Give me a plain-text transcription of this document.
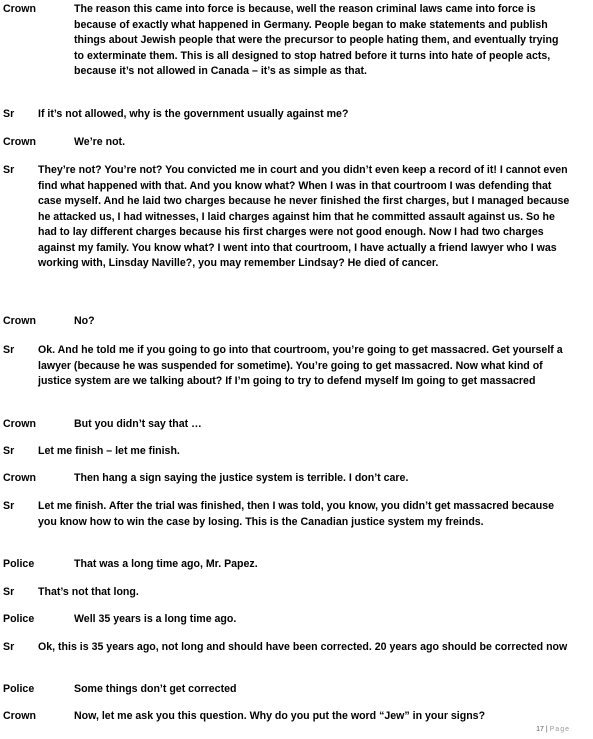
Crown	The reason this came into force is because, well the reason criminal laws came into force is because of exactly what happened in Germany. People began to make statements and publish things about Jewish people that were the precursor to people hating them, and eventually trying to exterminate them. This is all designed to stop hatred before it turns into hate of people acts, because it’s not allowed in Canada – it’s as simple as that.
Sr If it’s not allowed, why is the government usually against me?
Crown	We’re not.
Sr They’re not? You’re not? You convicted me in court and you didn’t even keep a record of it! I cannot even find what happened with that. And you know what? When I was in that courtroom I was defending that case myself. And he laid two charges because he never finished the first charges, but I managed because he attacked us, I had witnesses, I laid charges against him that he committed assault against us. So he had to lay different charges because his first charges were not good enough. Now I had two charges against my family. You know what? I went into that courtroom, I have actually a friend lawyer who I was working with, Linsday Naville?, you may remember Lindsay? He died of cancer.
Crown	No?
Sr Ok. And he told me if you going to go into that courtroom, you’re going to get massacred. Get yourself a lawyer (because he was suspended for sometime). You’re going to get massacred. Now what kind of justice system are we talking about? If I’m going to try to defend myself Im going to get massacred
Crown	But you didn’t say that …
Sr Let me finish – let me finish.
Crown	Then hang a sign saying the justice system is terrible. I don’t care.
Sr Let me finish. After the trial was finished, then I was told, you know, you didn’t get massacred because you know how to win the case by losing. This is the Canadian justice system my freinds.
Police	That was a long time ago, Mr. Papez.
Sr That’s not that long.
Police	Well 35 years is a long time ago.
Sr Ok, this is 35 years ago, not long and should have been corrected. 20 years ago should be corrected now
Police	Some things don’t get corrected
Crown	Now, let me ask you this question. Why do you put the word “Jew” in your signs?
17 | Page
